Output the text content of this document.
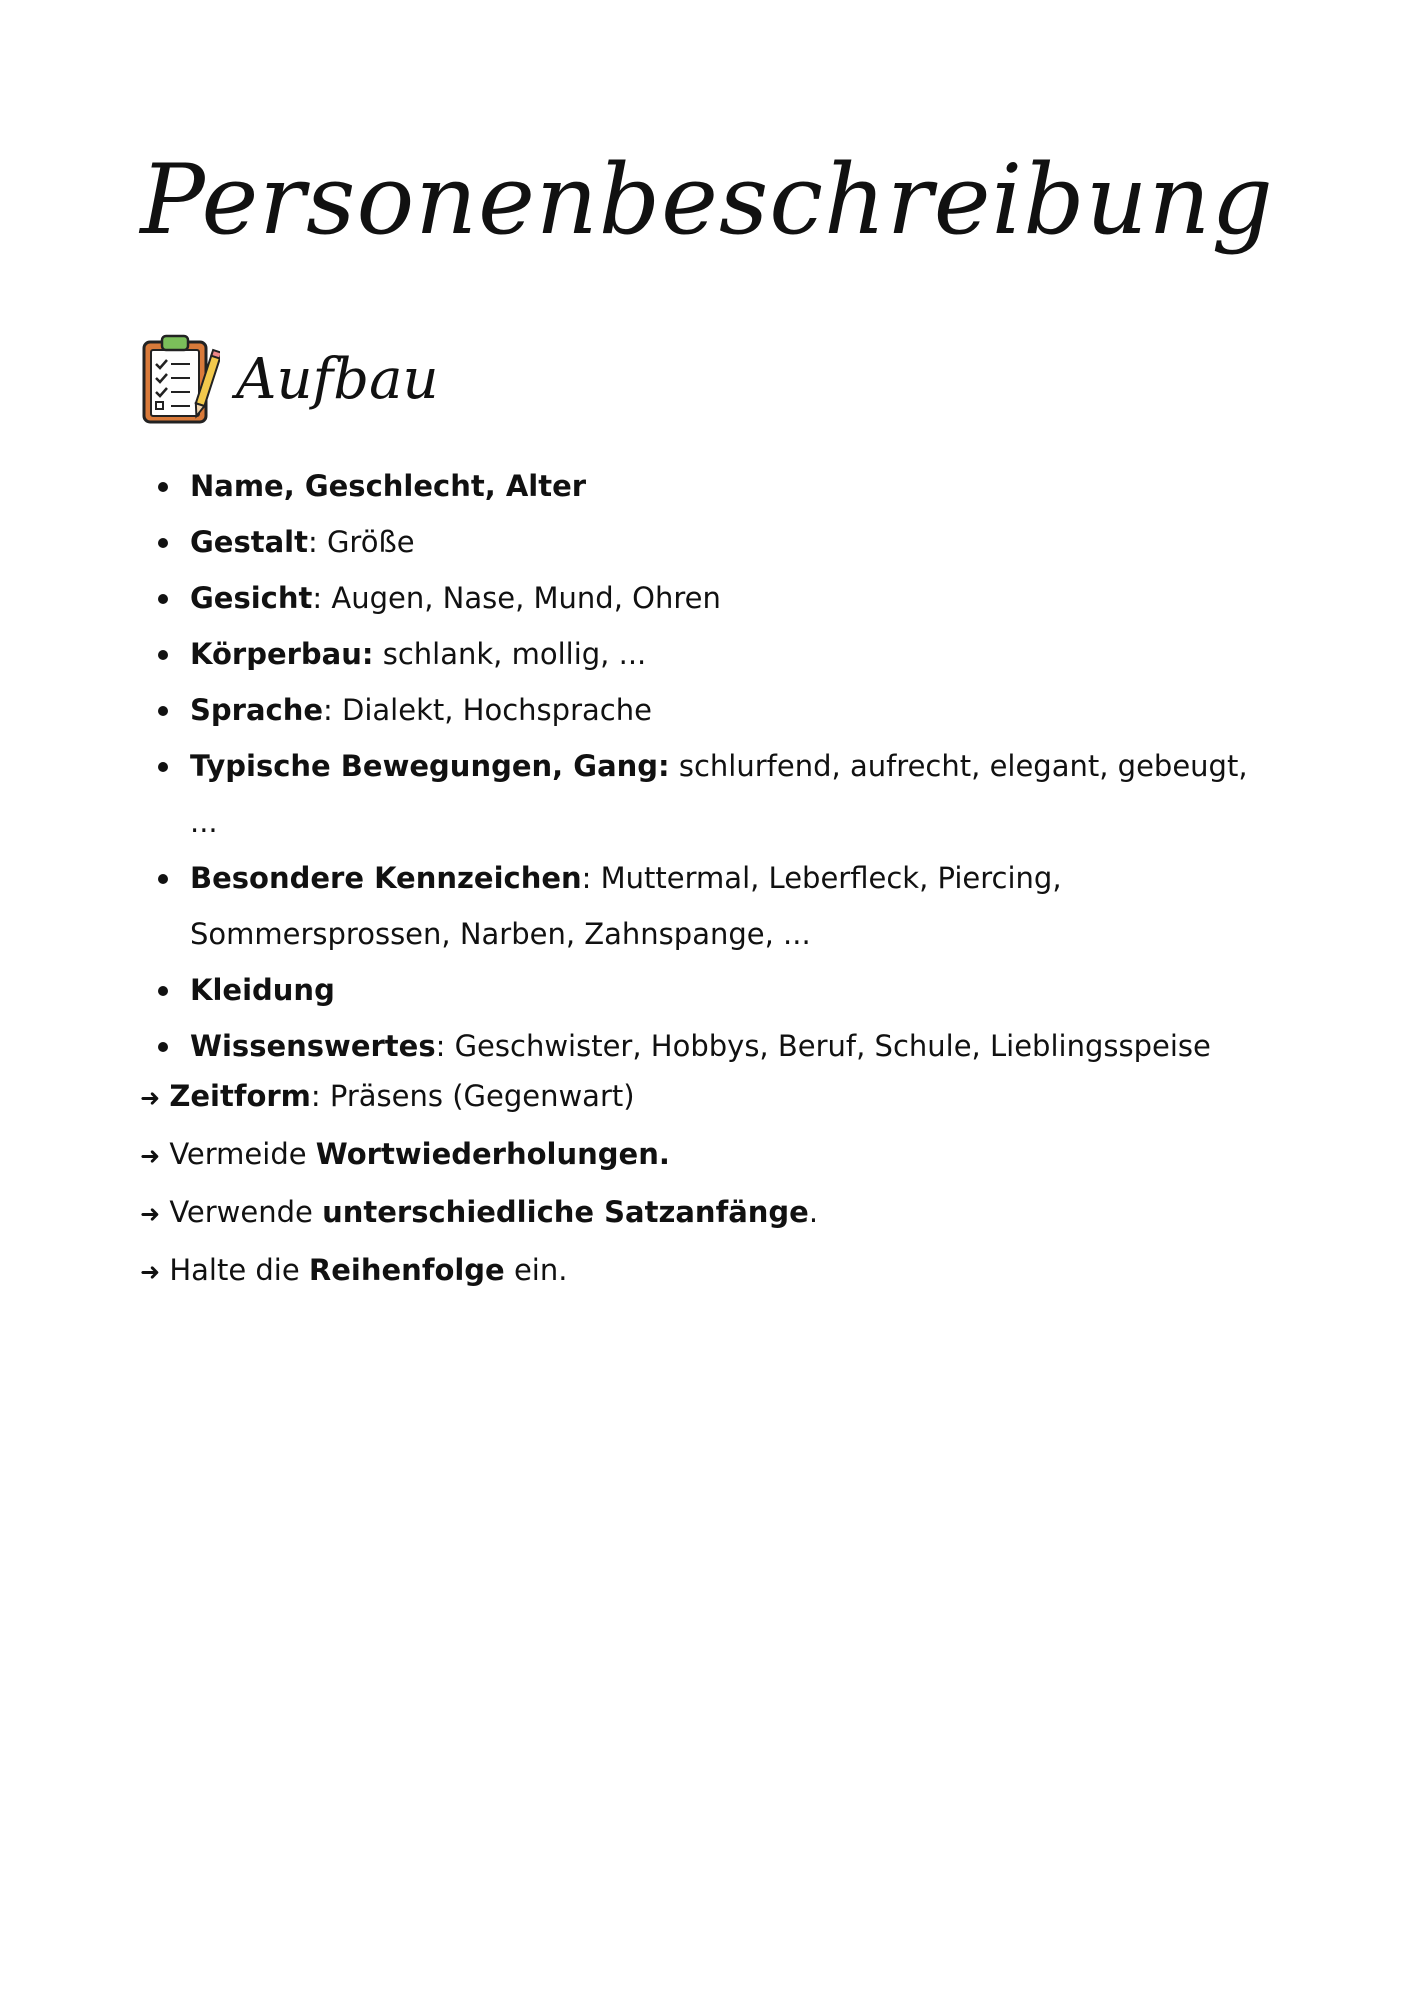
Personenbeschreibung
Aufbau
Name, Geschlecht, Alter
Gestalt: Größe
Gesicht: Augen, Nase, Mund, Ohren
Körperbau: schlank, mollig, ...
Sprache: Dialekt, Hochsprache
Typische Bewegungen, Gang: schlurfend, aufrecht, elegant, gebeugt, ...
Besondere Kennzeichen: Muttermal, Leberfleck, Piercing, Sommersprossen, Narben, Zahnspange, ...
Kleidung
Wissenswertes: Geschwister, Hobbys, Beruf, Schule, Lieblingsspeise
➜ Zeitform: Präsens (Gegenwart)
➜ Vermeide Wortwiederholungen.
➜ Verwende unterschiedliche Satzanfänge.
➜ Halte die Reihenfolge ein.
